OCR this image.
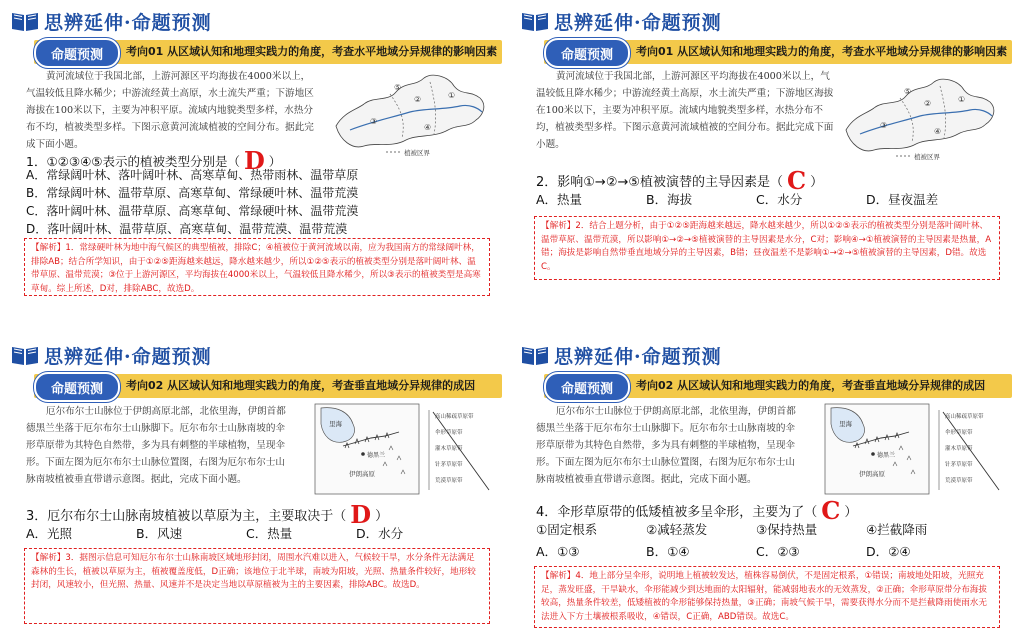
思辨延伸·命题预测
命题预测	考向01 从区域认知和地理实践力的角度，考查水平地域分异规律的影响因素
黄河流域位于我国北部，上游河源区平均海拔在4000米以上，气温较低且降水稀少；中游流经黄土高原，水土流失严重；下游地区海拔在100米以下，主要为冲积平原。流域内地貌类型多样，水热分布不均，植被类型多样。下图示意黄河流域植被的空间分布。据此完成下面小题。
③
②	①
④
⑤
植被区界
1．①②③④⑤表示的植被类型分别是（ D ）
A．常绿阔叶林、落叶阔叶林、高寒草甸、热带雨林、温带草原
B．常绿阔叶林、温带草原、高寒草甸、常绿硬叶林、温带荒漠
C．落叶阔叶林、温带草原、高寒草甸、常绿硬叶林、温带荒漠
D．落叶阔叶林、温带草原、高寒草甸、温带荒漠、温带荒漠
【解析】1．常绿硬叶林为地中海气候区的典型植被，排除C；④植被位于黄河流域以南，应为我国南方的常绿阔叶林，排除AB；结合所学知识，由于①②⑤距海越来越远，降水越来越少，所以①②⑤表示的植被类型分别是落叶阔叶林、温带草原、温带荒漠；③位于上游河源区，平均海拔在4000米以上，气温较低且降水稀少，所以③表示的植被类型是高寒草甸。综上所述，D对，排除ABC，故选D。
思辨延伸·命题预测
命题预测	考向01 从区域认知和地理实践力的角度，考查水平地域分异规律的影响因素
黄河流域位于我国北部，上游河源区平均海拔在4000米以上，气温较低且降水稀少；中游流经黄土高原，水土流失严重；下游地区海拔在100米以下，主要为冲积平原。流域内地貌类型多样，水热分布不均，植被类型多样。下图示意黄河流域植被的空间分布。据此完成下面小题。
③
②	①
④
⑤
植被区界
2．影响①→②→⑤植被演替的主导因素是（ C ）
A．热量	B．海拔	C．水分	D．昼夜温差
【解析】2．结合上题分析，由于①②⑤距海越来越远，降水越来越少，所以①②⑤表示的植被类型分别是落叶阔叶林、温带草原、温带荒漠，所以影响①→②→⑤植被演替的主导因素是水分，C对；影响④→①植被演替的主导因素是热量，A错；海拔是影响自然带垂直地域分异的主导因素，B错；昼夜温差不是影响①→②→⑤植被演替的主导因素，D错。故选C。
思辨延伸·命题预测
命题预测	考向02 从区域认知和地理实践力的角度，考查垂直地域分异规律的成因
厄尔布尔士山脉位于伊朗高原北部，北依里海，伊朗首都德黑兰坐落于厄尔布尔士山脉脚下。厄尔布尔士山脉南坡的伞形草原带为其特色自然带，多为具有刺整的半球植物，呈现伞形。下面左图为厄尔布尔士山脉位置图，右图为厄尔布尔士山脉南坡植被垂直带谱示意图。据此，完成下面小题。
里海
德黑兰
伊朗高原
高山稀疏草原带
伞形草原带
灌木草原带
针茅草原带
荒漠草原带
3．厄尔布尔士山脉南坡植被以草原为主，主要取决于（ D ）
A．光照	B．风速	C．热量	D．水分
【解析】3．据图示信息可知厄尔布尔士山脉南坡区域地形封闭，周围水汽难以进入，气候较干旱，水分条件无法满足森林的生长，植被以草原为主，植被覆盖度低，D正确；该地位于北半球，南坡为阳坡，光照、热量条件较好，地形较封闭，风速较小，但光照、热量、风速并不是决定当地以草原植被为主的主要因素，排除ABC。故选D。
思辨延伸·命题预测
命题预测	考向02 从区域认知和地理实践力的角度，考查垂直地域分异规律的成因
厄尔布尔士山脉位于伊朗高原北部，北依里海，伊朗首都德黑兰坐落于厄尔布尔士山脉脚下。厄尔布尔士山脉南坡的伞形草原带为其特色自然带，多为具有刺整的半球植物，呈现伞形。下面左图为厄尔布尔士山脉位置图，右图为厄尔布尔士山脉南坡植被垂直带谱示意图。据此，完成下面小题。
里海
德黑兰
伊朗高原
高山稀疏草原带
伞形草原带
灌木草原带
针茅草原带
荒漠草原带
4．伞形草原带的低矮植被多呈伞形，主要为了（ C ）
①固定根系	②减轻蒸发	③保持热量	④拦截降雨
A．①③	B．①④	C．②③	D．②④
【解析】4．地上部分呈伞形，说明地上植被较发达，植株容易倒伏，不是固定根系，①错误；南坡地处阳坡，光照充足，蒸发旺盛，干旱缺水，伞形能减少到达地面的太阳辐射，能减弱地表水的无效蒸发，②正确；伞形草原带分布海拔较高，热量条件较差，低矮植被的伞形能够保持热量，③正确；南坡气候干旱，需要获得水分而不是拦截降雨使雨水无法进入下方土壤被根系吸收，④错误，C正确，ABD错误。故选C。
